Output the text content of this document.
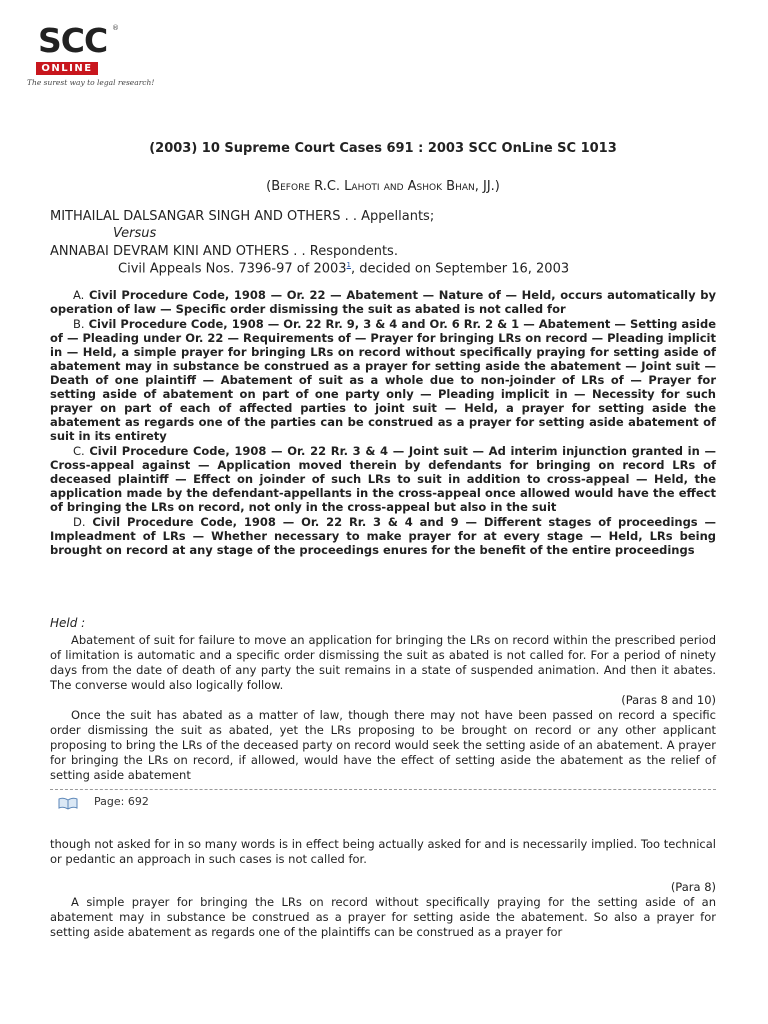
SCC ®
ONLINE
The surest way to legal research!
(2003) 10 Supreme Court Cases 691 : 2003 SCC OnLine SC 1013
(Before R.C. Lahoti and Ashok Bhan, JJ.)
MITHAILAL DALSANGAR SINGH AND OTHERS . . Appellants;
Versus
ANNABAI DEVRAM KINI AND OTHERS . . Respondents.
Civil Appeals Nos. 7396-97 of 2003$^1$, decided on September 16, 2003

A. Civil Procedure Code, 1908 — Or. 22 — Abatement — Nature of — Held, occurs automatically by operation of law — Specific order dismissing the suit as abated is not called for

B. Civil Procedure Code, 1908 — Or. 22 Rr. 9, 3 & 4 and Or. 6 Rr. 2 & 1 — Abatement — Setting aside of — Pleading under Or. 22 — Requirements of — Prayer for bringing LRs on record — Pleading implicit in — Held, a simple prayer for bringing LRs on record without specifically praying for setting aside of abatement may in substance be construed as a prayer for setting aside the abatement — Joint suit — Death of one plaintiff — Abatement of suit as a whole due to non-joinder of LRs of — Prayer for setting aside of abatement on part of one party only — Pleading implicit in — Necessity for such prayer on part of each of affected parties to joint suit — Held, a prayer for setting aside the abatement as regards one of the parties can be construed as a prayer for setting aside abatement of suit in its entirety

C. Civil Procedure Code, 1908 — Or. 22 Rr. 3 & 4 — Joint suit — Ad interim injunction granted in — Cross-appeal against — Application moved therein by defendants for bringing on record LRs of deceased plaintiff — Effect on joinder of such LRs to suit in addition to cross-appeal — Held, the application made by the defendant-appellants in the cross-appeal once allowed would have the effect of bringing the LRs on record, not only in the cross-appeal but also in the suit

D. Civil Procedure Code, 1908 — Or. 22 Rr. 3 & 4 and 9 — Different stages of proceedings — Impleadment of LRs — Whether necessary to make prayer for at every stage — Held, LRs being brought on record at any stage of the proceedings enures for the benefit of the entire proceedings

Held :

Abatement of suit for failure to move an application for bringing the LRs on record within the prescribed period of limitation is automatic and a specific order dismissing the suit as abated is not called for. For a period of ninety days from the date of death of any party the suit remains in a state of suspended animation. And then it abates. The converse would also logically follow.

(Paras 8 and 10)

Once the suit has abated as a matter of law, though there may not have been passed on record a specific order dismissing the suit as abated, yet the LRs proposing to be brought on record or any other applicant proposing to bring the LRs of the deceased party on record would seek the setting aside of an abatement. A prayer for bringing the LRs on record, if allowed, would have the effect of setting aside the abatement as the relief of setting aside abatement

Page: 692

though not asked for in so many words is in effect being actually asked for and is necessarily implied. Too technical or pedantic an approach in such cases is not called for.

(Para 8)

A simple prayer for bringing the LRs on record without specifically praying for the setting aside of an abatement may in substance be construed as a prayer for setting aside the abatement. So also a prayer for setting aside abatement as regards one of the plaintiffs can be construed as a prayer for
